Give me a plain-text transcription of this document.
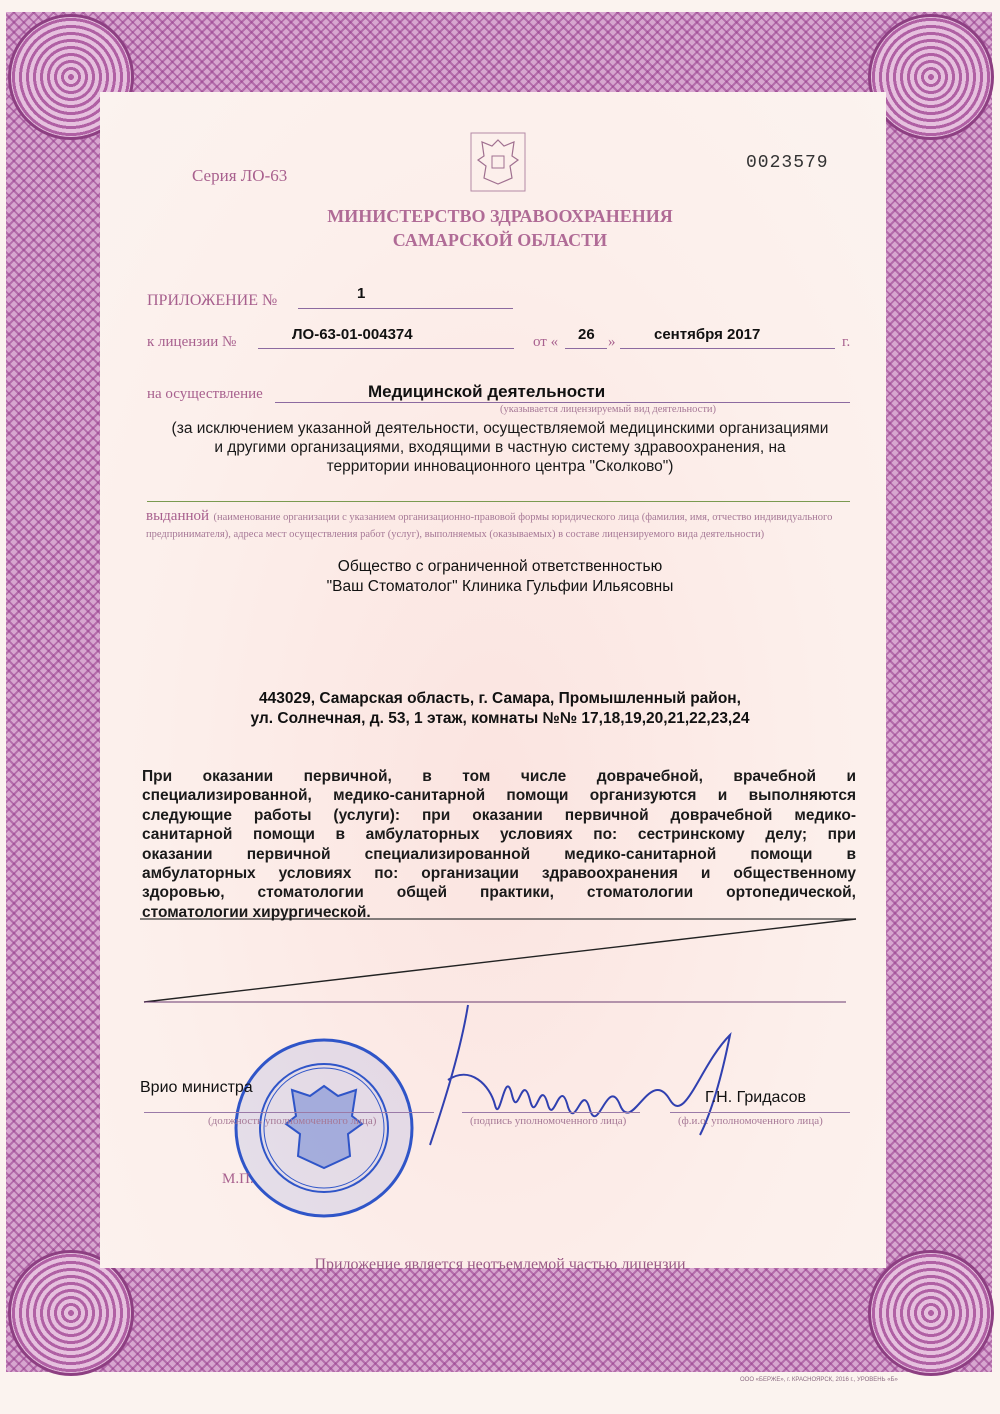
Серия ЛО-63
0023579
МИНИСТЕРСТВО ЗДРАВООХРАНЕНИЯ
САМАРСКОЙ ОБЛАСТИ
ПРИЛОЖЕНИЕ №	1
к лицензии №	ЛО-63-01-004374	от « 26 »	сентября 2017	г.
на осуществление	Медицинской деятельности
(указывается лицензируемый вид деятельности)
(за исключением указанной деятельности, осуществляемой медицинскими организациями
и другими организациями, входящими в частную систему здравоохранения, на
территории инновационного центра "Сколково")
выданной (наименование организации с указанием организационно-правовой формы юридического лица (фамилия, имя, отчество индивидуального предпринимателя), адреса мест осуществления работ (услуг), выполняемых (оказываемых) в составе лицензируемого вида деятельности)
Общество с ограниченной ответственностью
"Ваш Стоматолог" Клиника Гульфии Ильясовны
443029, Самарская область, г. Самара, Промышленный район,
ул. Солнечная, д. 53, 1 этаж, комнаты №№ 17,18,19,20,21,22,23,24
При оказании первичной, в том числе доврачебной, врачебной и
специализированной, медико-санитарной помощи организуются и выполняются
следующие работы (услуги): при оказании первичной доврачебной медико-
санитарной помощи в амбулаторных условиях по: сестринскому делу; при
оказании первичной специализированной медико-санитарной помощи в
амбулаторных условиях по: организации здравоохранения и общественному
здоровью, стоматологии общей практики, стоматологии ортопедической,
стоматологии хирургической.
Врио министра
Г.Н. Гридасов
(должность уполномоченного лица)	(подпись уполномоченного лица)	(ф.и.о. уполномоченного лица)
М.П.
Приложение является неотъемлемой частью лицензии
ООО «БЕРЖЕ», г. КРАСНОЯРСК, 2016 г., УРОВЕНЬ «Б»
